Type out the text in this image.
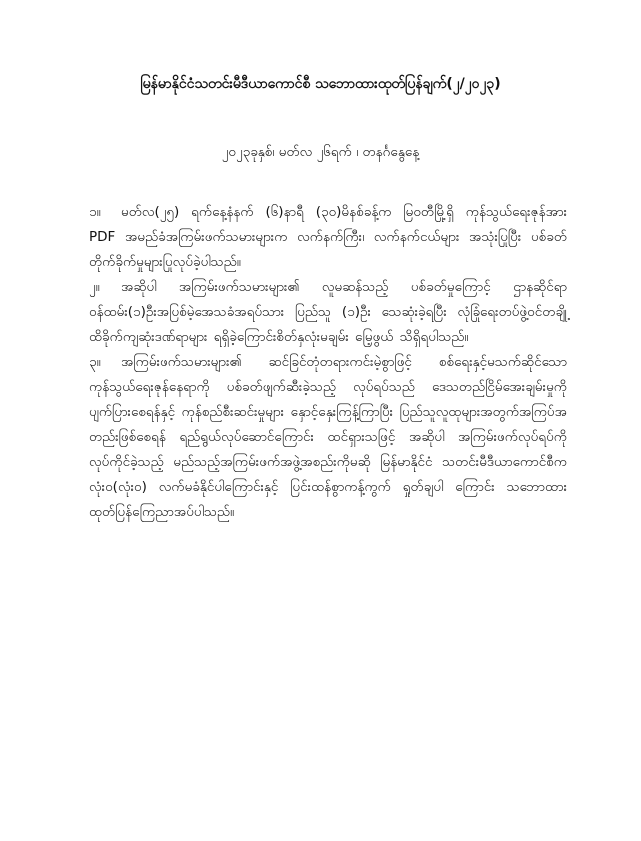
မြန်မာနိုင်ငံသတင်းမီဒီယာကောင်စီ သဘောထားထုတ်ပြန်ချက်(၂/၂၀၂၃)
၂၀၂၃ခုနှစ်၊ မတ်လ ၂၆ရက် ၊ တနင်္ဂနွေနေ့

၁။ မတ်လ(၂၅) ရက်နေ့နံနက် (၆)နာရီ (၃၀)မိနစ်ခန့်က မြဝတီမြို့ရှိ ကုန်သွယ်ရေးဇုန်အား PDF အမည်ခံအကြမ်းဖက်သမားများက လက်နက်ကြီး၊ လက်နက်ငယ်များ အသုံးပြုပြီး ပစ်ခတ်တိုက်ခိုက်မှုများပြုလုပ်ခဲ့ပါသည်။

၂။ အဆိုပါ အကြမ်းဖက်သမားများ၏ လူမဆန်သည့် ပစ်ခတ်မှုကြောင့် ဌာနဆိုင်ရာဝန်ထမ်း(၁)ဦးအပြစ်မဲ့အေသခံအရပ်သား ပြည်သူ (၁)ဦး သေဆုံးခဲ့ရပြီး လုံခြုံရေးတပ်ဖွဲ့ဝင်တချို့ ထိခိုက်ကျဆုံးဒဏ်ရာများ ရရှိခဲ့ကြောင်းစိတ်နှလုံးမချမ်း မြေ့ဖွယ် သိရှိရပါသည်။

၃။ အကြမ်းဖက်သမားများ၏ ဆင်ခြင်တုံတရားကင်းမဲ့စွာဖြင့် စစ်ရေးနှင့်မသက်ဆိုင်သော ကုန်သွယ်ရေးဇုန်နေရာကို ပစ်ခတ်ဖျက်ဆီးခဲ့သည့် လုပ်ရပ်သည် ဒေသတည်ငြိမ်အေးချမ်းမှုကိုပျက်ပြားစေရန်နှင့် ကုန်စည်စီးဆင်းမှုများ နှောင့်နှေးကြန့်ကြာပြီး ပြည်သူလူထုများအတွက်အကြပ်အတည်းဖြစ်စေရန် ရည်ရွယ်လုပ်ဆောင်ကြောင်း ထင်ရှားသဖြင့် အဆိုပါ အကြမ်းဖက်လုပ်ရပ်ကို လုပ်ကိုင်ခဲ့သည့် မည်သည့်အကြမ်းဖက်အဖွဲ့အစည်းကိုမဆို မြန်မာနိုင်ငံ သတင်းမီဒီယာကောင်စီက လုံး၀(လုံး၀) လက်မခံနိုင်ပါကြောင်းနှင့် ပြင်းထန်စွာကန့်ကွက် ရှုတ်ချပါ ကြောင်း သဘောထားထုတ်ပြန်ကြေညာအပ်ပါသည်။
